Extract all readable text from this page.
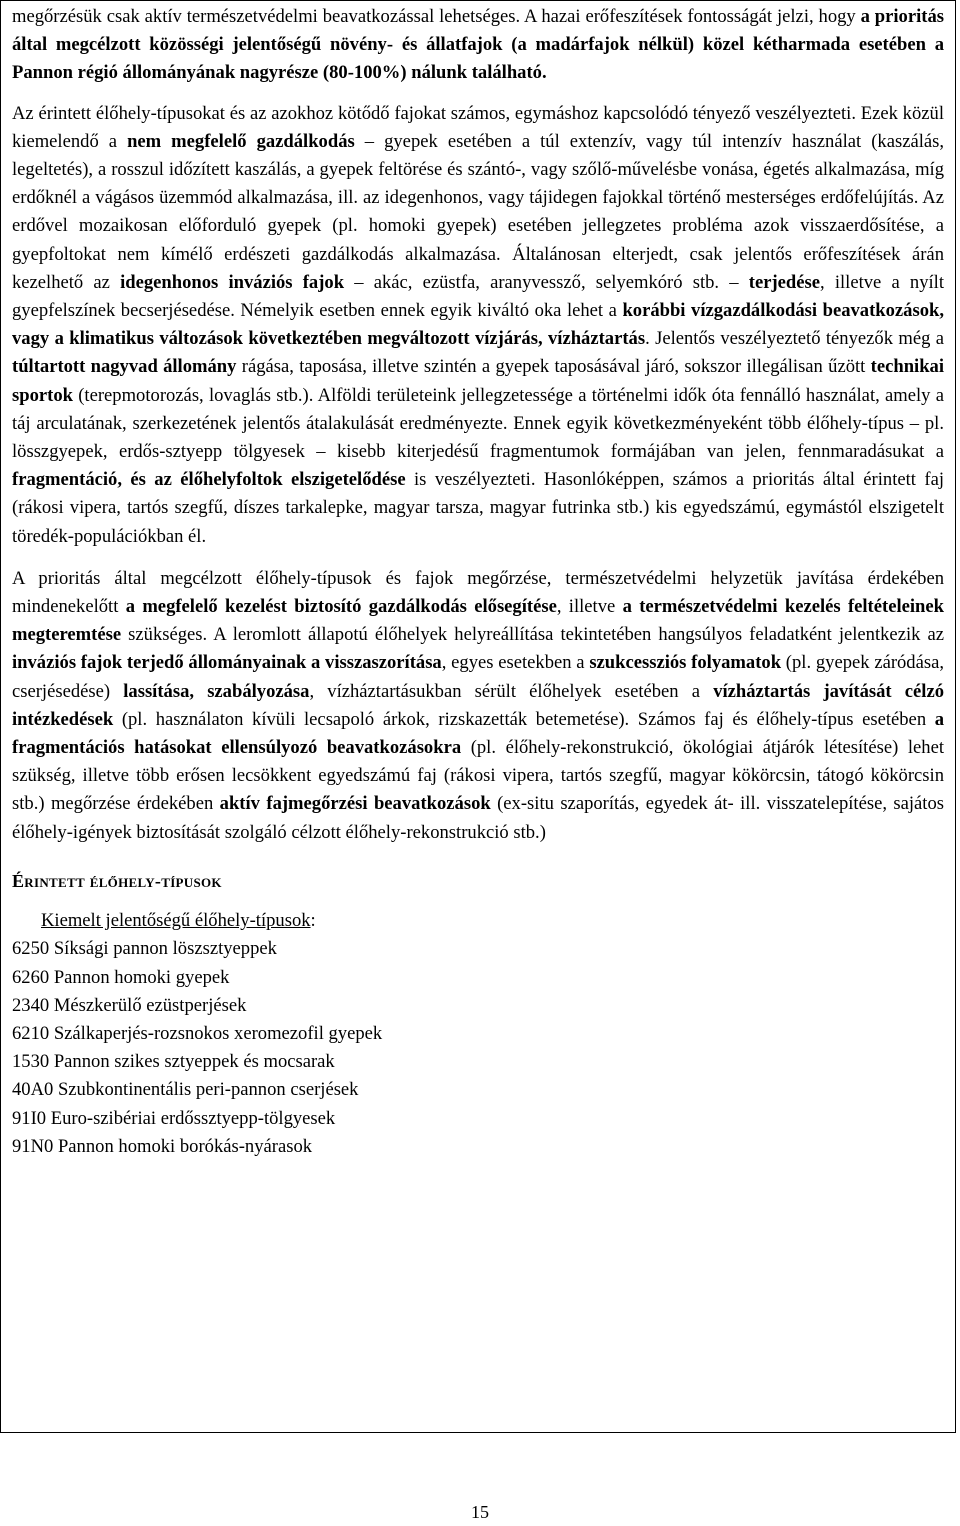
megőrzésük csak aktív természetvédelmi beavatkozással lehetséges. A hazai erőfeszítések fontosságát jelzi, hogy a prioritás által megcélzott közösségi jelentőségű növény- és állatfajok (a madárfajok nélkül) közel kétharmada esetében a Pannon régió állományának nagyrésze (80-100%) nálunk található.

Az érintett élőhely-típusokat és az azokhoz kötődő fajokat számos, egymáshoz kapcsolódó tényező veszélyezteti. Ezek közül kiemelendő a nem megfelelő gazdálkodás – gyepek esetében a túl extenzív, vagy túl intenzív használat (kaszálás, legeltetés), a rosszul időzített kaszálás, a gyepek feltörése és szántó-, vagy szőlő-művelésbe vonása, égetés alkalmazása, míg erdőknél a vágásos üzemmód alkalmazása, ill. az idegenhonos, vagy tájidegen fajokkal történő mesterséges erdőfelújítás. Az erdővel mozaikosan előforduló gyepek (pl. homoki gyepek) esetében jellegzetes probléma azok visszaerdősítése, a gyepfoltokat nem kímélő erdészeti gazdálkodás alkalmazása. Általánosan elterjedt, csak jelentős erőfeszítések árán kezelhető az idegenhonos inváziós fajok – akác, ezüstfa, aranyvessző, selyemkóró stb. – terjedése, illetve a nyílt gyepfelszínek becserjésedése. Némelyik esetben ennek egyik kiváltó oka lehet a korábbi vízgazdálkodási beavatkozások, vagy a klimatikus változások következtében megváltozott vízjárás, vízháztartás. Jelentős veszélyeztető tényezők még a túltartott nagyvad állomány rágása, taposása, illetve szintén a gyepek taposásával járó, sokszor illegálisan űzött technikai sportok (terepmotorozás, lovaglás stb.). Alföldi területeink jellegzetessége a történelmi idők óta fennálló használat, amely a táj arculatának, szerkezetének jelentős átalakulását eredményezte. Ennek egyik következményeként több élőhely-típus – pl. lösszgyepek, erdős-sztyepp tölgyesek – kisebb kiterjedésű fragmentumok formájában van jelen, fennmaradásukat a fragmentáció, és az élőhelyfoltok elszigetelődése is veszélyezteti. Hasonlóképpen, számos a prioritás által érintett faj (rákosi vipera, tartós szegfű, díszes tarkalepke, magyar tarsza, magyar futrinka stb.) kis egyedszámú, egymástól elszigetelt töredék-populációkban él.

A prioritás által megcélzott élőhely-típusok és fajok megőrzése, természetvédelmi helyzetük javítása érdekében mindenekelőtt a megfelelő kezelést biztosító gazdálkodás elősegítése, illetve a természetvédelmi kezelés feltételeinek megteremtése szükséges. A leromlott állapotú élőhelyek helyreállítása tekintetében hangsúlyos feladatként jelentkezik az inváziós fajok terjedő állományainak a visszaszorítása, egyes esetekben a szukcessziós folyamatok (pl. gyepek záródása, cserjésedése) lassítása, szabályozása, vízháztartásukban sérült élőhelyek esetében a vízháztartás javítását célzó intézkedések (pl. használaton kívüli lecsapoló árkok, rizskazetták betemetése). Számos faj és élőhely-típus esetében a fragmentációs hatásokat ellensúlyozó beavatkozásokra (pl. élőhely-rekonstrukció, ökológiai átjárók létesítése) lehet szükség, illetve több erősen lecsökkent egyedszámú faj (rákosi vipera, tartós szegfű, magyar kökörcsin, tátogó kökörcsin stb.) megőrzése érdekében aktív fajmegőrzési beavatkozások (ex-situ szaporítás, egyedek át- ill. visszatelepítése, sajátos élőhely-igények biztosítását szolgáló célzott élőhely-rekonstrukció stb.)

Érintett élőhely-típusok
Kiemelt jelentőségű élőhely-típusok:
6250 Síksági pannon löszsztyeppek
6260 Pannon homoki gyepek
2340 Mészkerülő ezüstperjések
6210 Szálkaperjés-rozsnokos xeromezofil gyepek
1530 Pannon szikes sztyeppek és mocsarak
40A0 Szubkontinentális peri-pannon cserjések
91I0 Euro-szibériai erdőssztyepp-tölgyesek
91N0 Pannon homoki borókás-nyárasok
15
